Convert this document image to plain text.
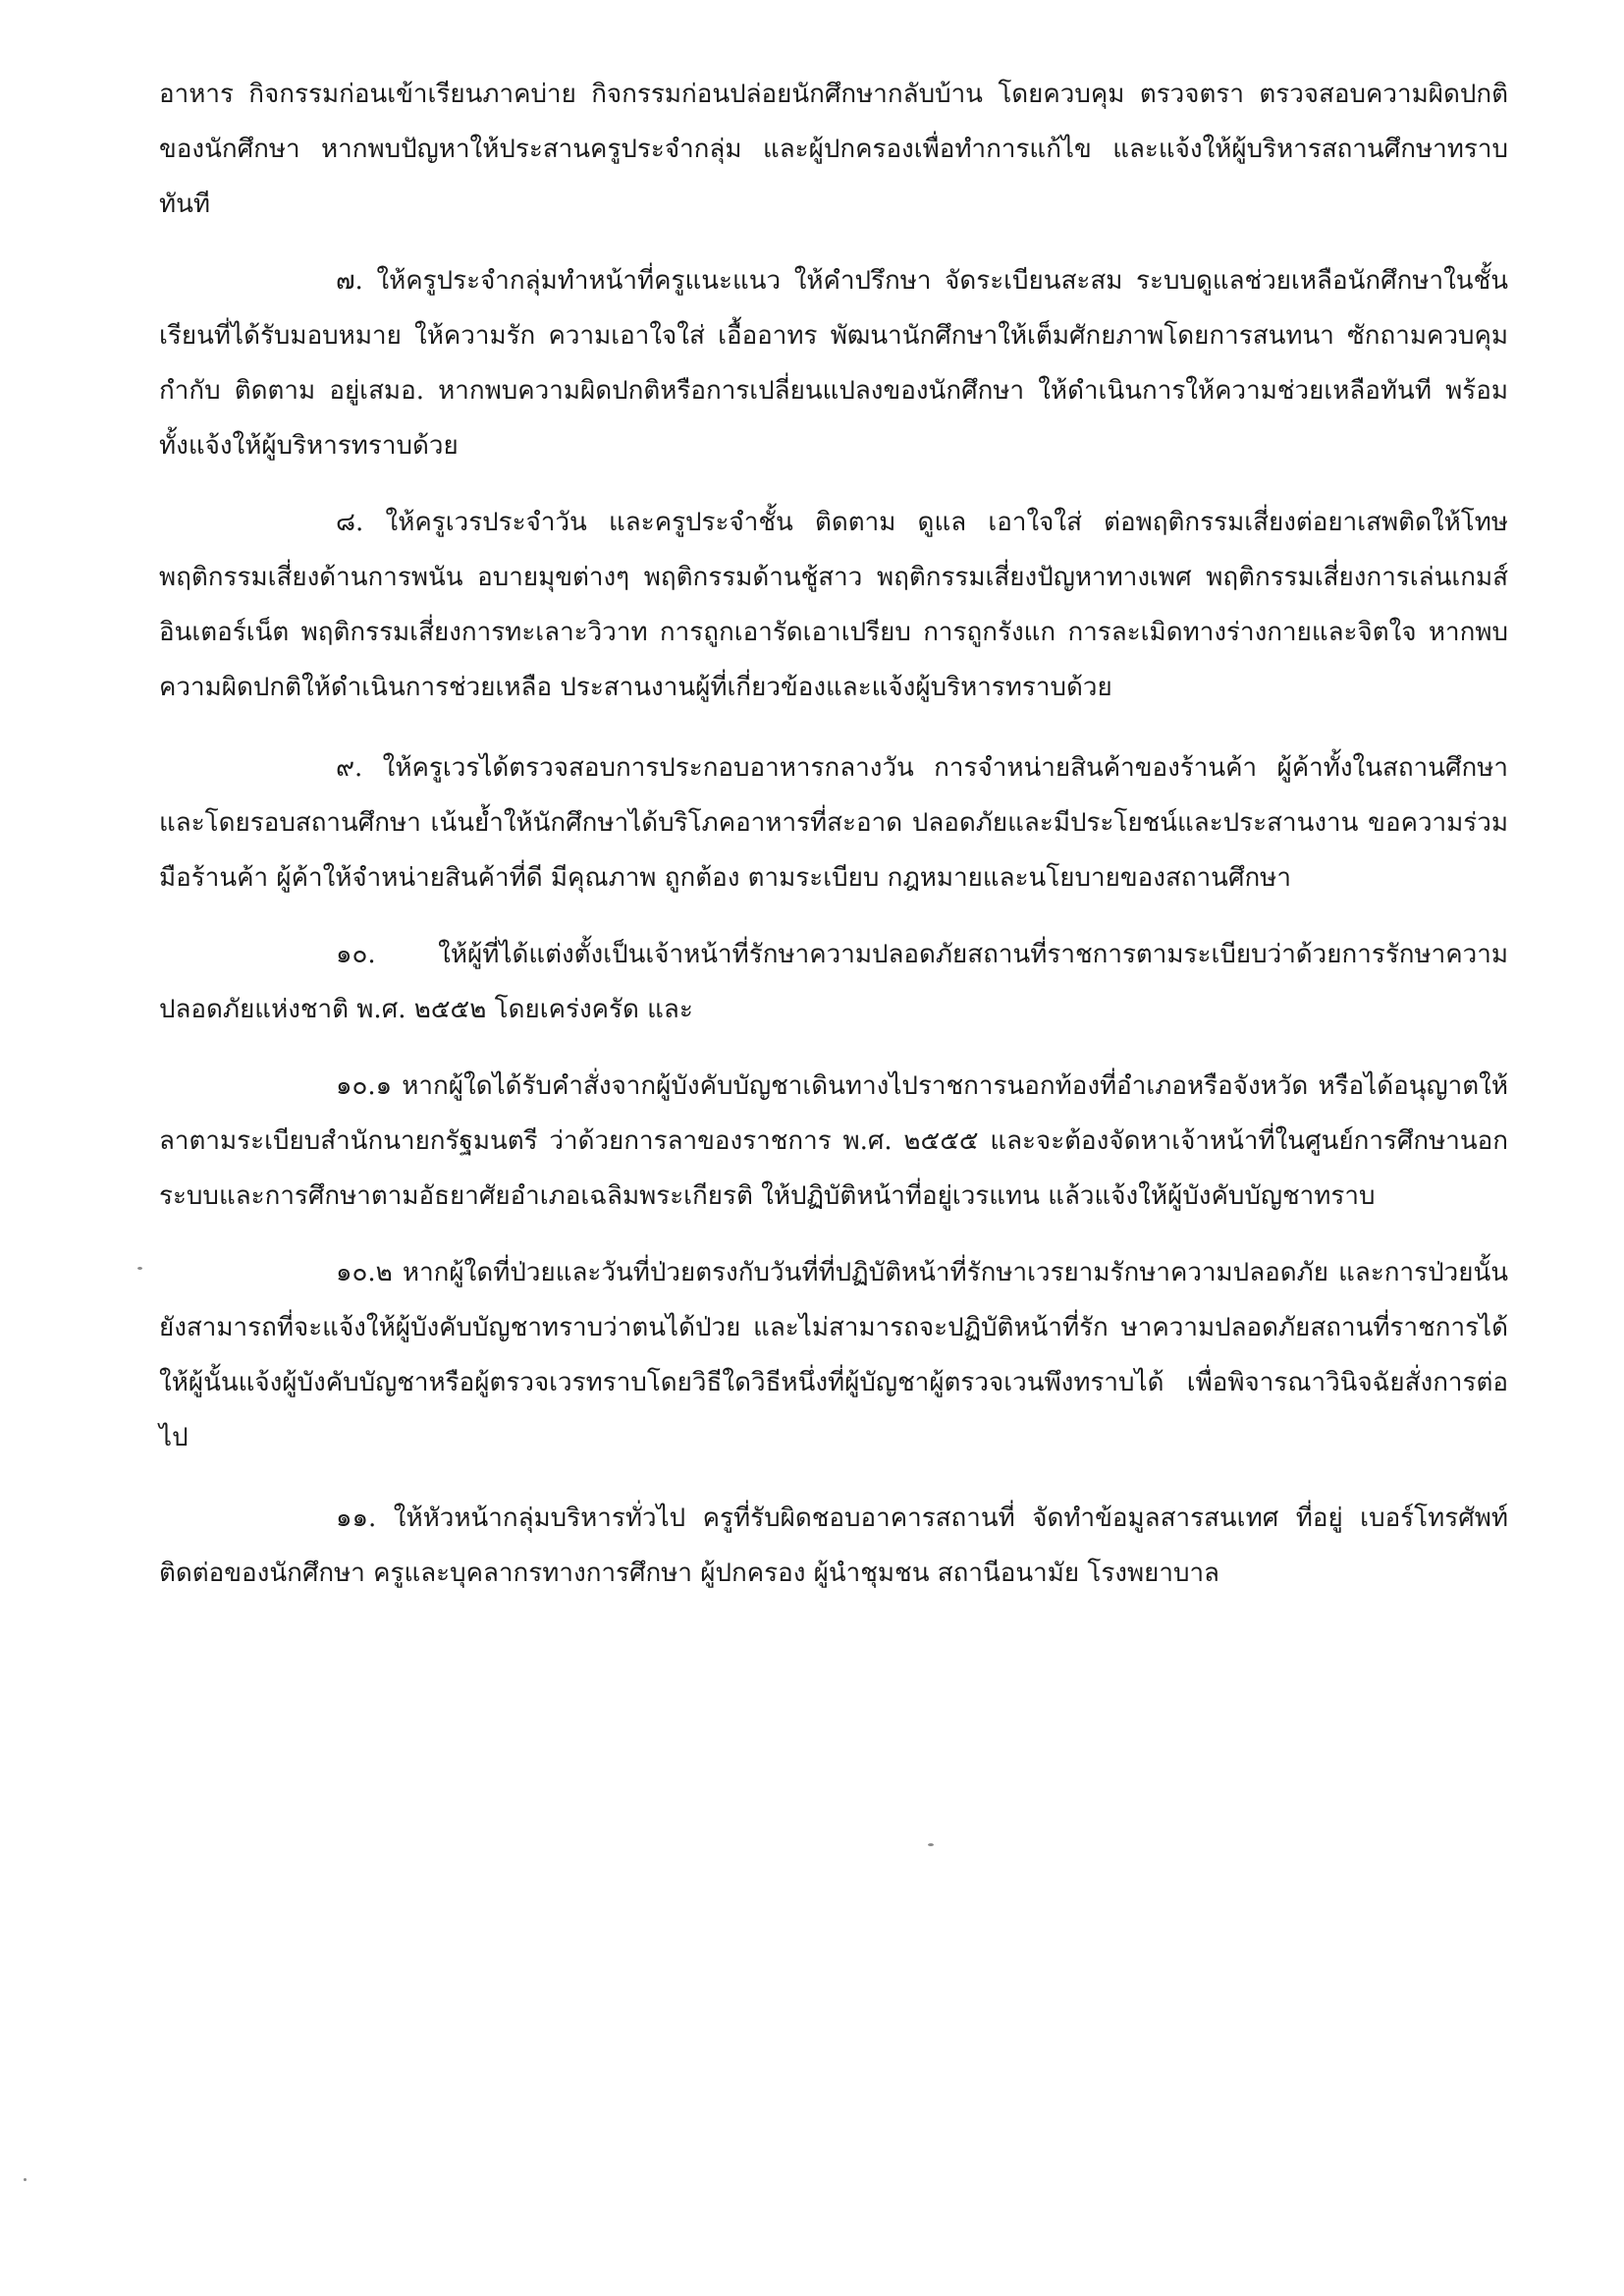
อาหาร กิจกรรมก่อนเข้าเรียนภาคบ่าย กิจกรรมก่อนปล่อยนักศึกษากลับบ้าน โดยควบคุม ตรวจตรา ตรวจสอบความผิดปกติของนักศึกษา หากพบปัญหาให้ประสานครูประจำกลุ่ม และผู้ปกครองเพื่อทำการแก้ไข และแจ้งให้ผู้บริหารสถานศึกษาทราบทันที

๗. ให้ครูประจำกลุ่มทำหน้าที่ครูแนะแนว ให้คำปรึกษา จัดระเบียนสะสม ระบบดูแลช่วยเหลือนักศึกษาในชั้นเรียนที่ได้รับมอบหมาย ให้ความรัก ความเอาใจใส่ เอื้ออาทร พัฒนานักศึกษาให้เต็มศักยภาพโดยการสนทนา ซักถามควบคุม กำกับ ติดตาม อยู่เสมอ. หากพบความผิดปกติหรือการเปลี่ยนแปลงของนักศึกษา ให้ดำเนินการให้ความช่วยเหลือทันที พร้อมทั้งแจ้งให้ผู้บริหารทราบด้วย

๘. ให้ครูเวรประจำวัน และครูประจำชั้น ติดตาม ดูแล เอาใจใส่ ต่อพฤติกรรมเสี่ยงต่อยาเสพติดให้โทษ พฤติกรรมเสี่ยงด้านการพนัน อบายมุขต่างๆ พฤติกรรมด้านชู้สาว พฤติกรรมเสี่ยงปัญหาทางเพศ พฤติกรรมเสี่ยงการเล่นเกมส์อินเตอร์เน็ต พฤติกรรมเสี่ยงการทะเลาะวิวาท การถูกเอารัดเอาเปรียบ การถูกรังแก การละเมิดทางร่างกายและจิตใจ หากพบความผิดปกติให้ดำเนินการช่วยเหลือ ประสานงานผู้ที่เกี่ยวข้องและแจ้งผู้บริหารทราบด้วย

๙. ให้ครูเวรได้ตรวจสอบการประกอบอาหารกลางวัน การจำหน่ายสินค้าของร้านค้า ผู้ค้าทั้งในสถานศึกษาและโดยรอบสถานศึกษา เน้นย้ำให้นักศึกษาได้บริโภคอาหารที่สะอาด ปลอดภัยและมีประโยชน์และประสานงาน ขอความร่วมมือร้านค้า ผู้ค้าให้จำหน่ายสินค้าที่ดี มีคุณภาพ ถูกต้อง ตามระเบียบ กฎหมายและนโยบายของสถานศึกษา

๑๐. ให้ผู้ที่ได้แต่งตั้งเป็นเจ้าหน้าที่รักษาความปลอดภัยสถานที่ราชการตามระเบียบว่าด้วยการรักษาความปลอดภัยแห่งชาติ พ.ศ. ๒๕๕๒ โดยเคร่งครัด และ

๑๐.๑ หากผู้ใดได้รับคำสั่งจากผู้บังคับบัญชาเดินทางไปราชการนอกท้องที่อำเภอหรือจังหวัด หรือได้อนุญาตให้ลาตามระเบียบสำนักนายกรัฐมนตรี ว่าด้วยการลาของราชการ พ.ศ. ๒๕๕๕ และจะต้องจัดหาเจ้าหน้าที่ในศูนย์การศึกษานอกระบบและการศึกษาตามอัธยาศัยอำเภอเฉลิมพระเกียรติ ให้ปฏิบัติหน้าที่อยู่เวรแทน แล้วแจ้งให้ผู้บังคับบัญชาทราบ

๑๐.๒ หากผู้ใดที่ป่วยและวันที่ป่วยตรงกับวันที่ที่ปฏิบัติหน้าที่รักษาเวรยามรักษาความปลอดภัย และการป่วยนั้นยังสามารถที่จะแจ้งให้ผู้บังคับบัญชาทราบว่าตนได้ป่วย และไม่สามารถจะปฏิบัติหน้าที่รัก ษาความปลอดภัยสถานที่ราชการได้ ให้ผู้นั้นแจ้งผู้บังคับบัญชาหรือผู้ตรวจเวรทราบโดยวิธีใดวิธีหนึ่งที่ผู้บัญชาผู้ตรวจเวนพึงทราบได้ เพื่อพิจารณาวินิจฉัยสั่งการต่อไป

๑๑. ให้หัวหน้ากลุ่มบริหารทั่วไป ครูที่รับผิดชอบอาคารสถานที่ จัดทำข้อมูลสารสนเทศ ที่อยู่ เบอร์โทรศัพท์ติดต่อของนักศึกษา ครูและบุคลากรทางการศึกษา ผู้ปกครอง ผู้นำชุมชน สถานีอนามัย โรงพยาบาล
